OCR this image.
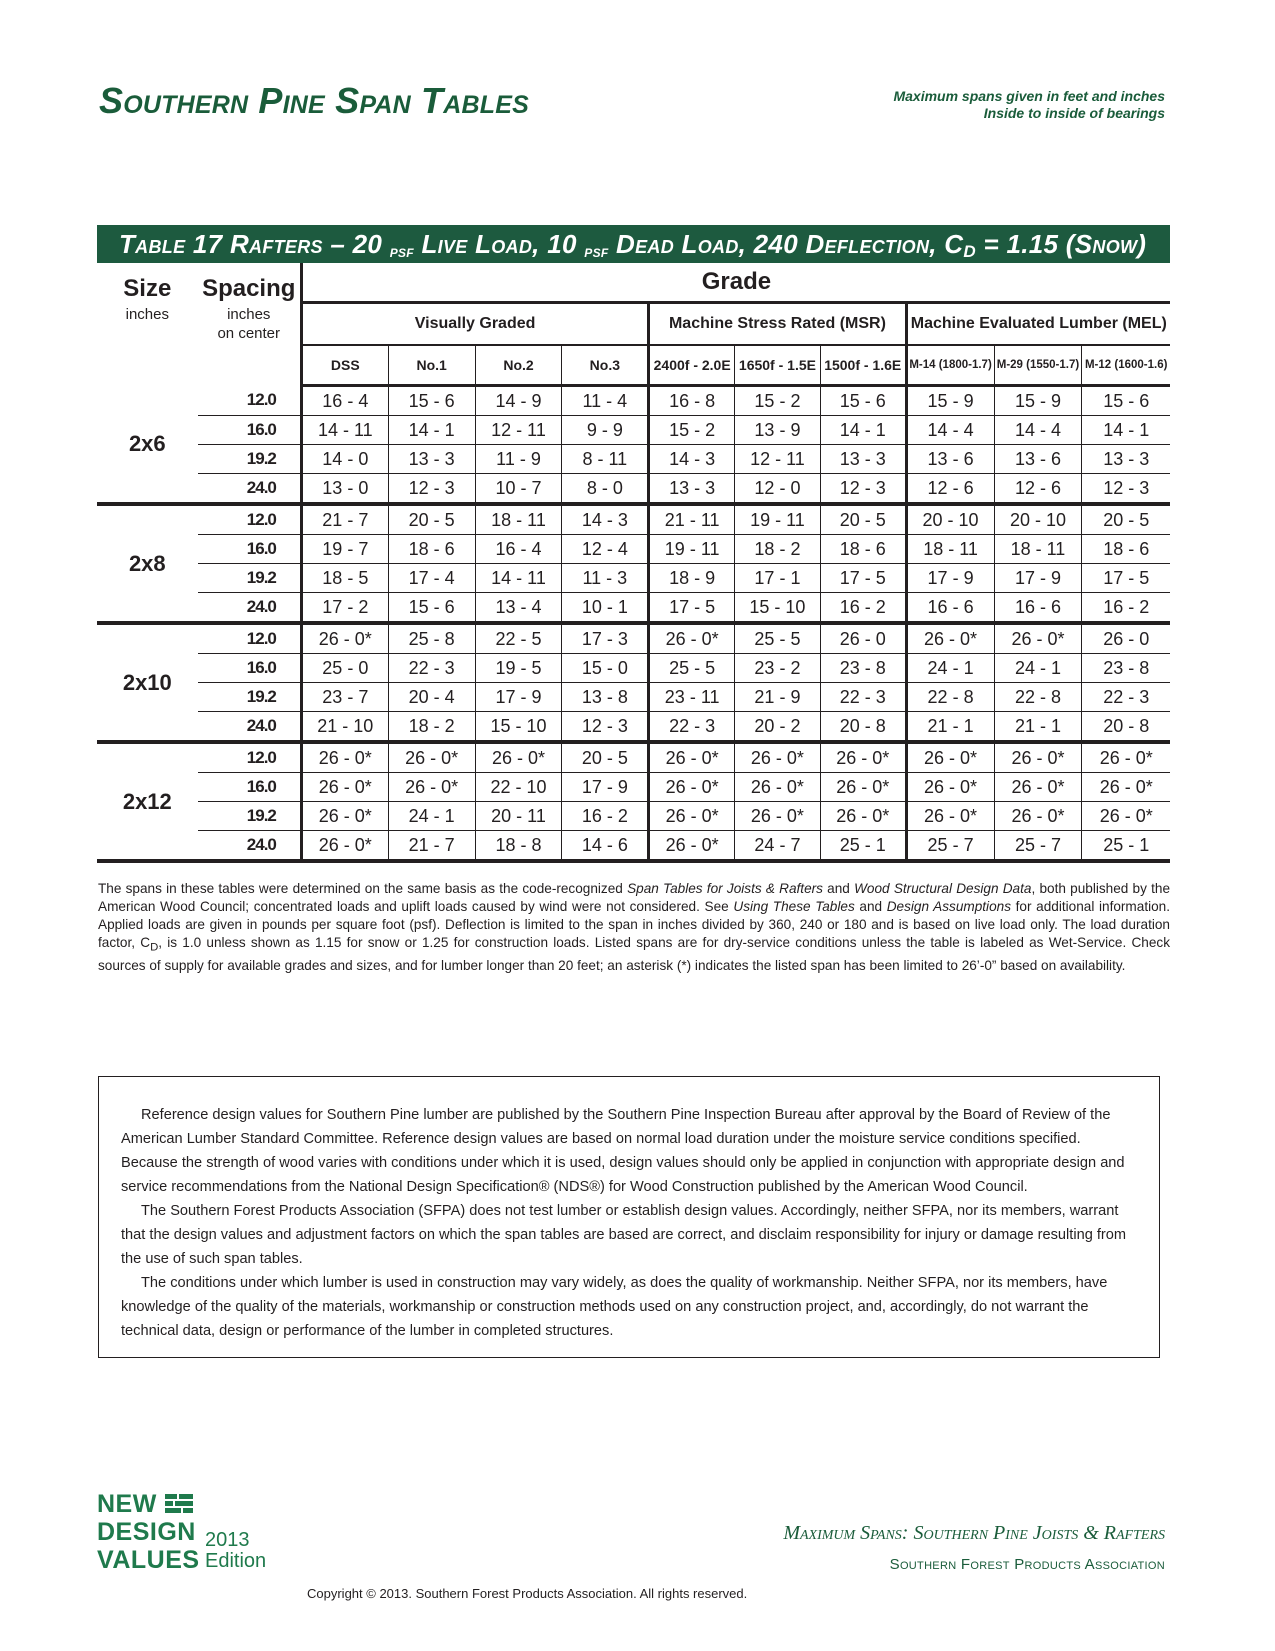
Southern Pine Span Tables	Maximum spans given in feet and inches
Inside to inside of bearings
Table 17 Rafters – 20 $_{psf}$ Live Load, 10 $_{psf}$ Dead Load, 240 Deflection, $C_D = 1.15$ (Snow)
Size	Spacing	Grade									
inches	inches
on center	Visually Graded				Machine Stress Rated (MSR)			Machine Evaluated Lumber (MEL)		
		DSS	No.1	No.2	No.3	2400f - 2.0E	1650f - 1.5E	1500f - 1.6E	M-14 (1800-1.7)	M-29 (1550-1.7)	M-12 (1600-1.6)
2x6	12.0	16 - 4	15 - 6	14 - 9	11 - 4	16 - 8	15 - 2	15 - 6	15 - 9	15 - 9	15 - 6
	16.0	14 - 11	14 - 1	12 - 11	9 - 9	15 - 2	13 - 9	14 - 1	14 - 4	14 - 4	14 - 1
	19.2	14 - 0	13 - 3	11 - 9	8 - 11	14 - 3	12 - 11	13 - 3	13 - 6	13 - 6	13 - 3
	24.0	13 - 0	12 - 3	10 - 7	8 - 0	13 - 3	12 - 0	12 - 3	12 - 6	12 - 6	12 - 3
2x8	12.0	21 - 7	20 - 5	18 - 11	14 - 3	21 - 11	19 - 11	20 - 5	20 - 10	20 - 10	20 - 5
	16.0	19 - 7	18 - 6	16 - 4	12 - 4	19 - 11	18 - 2	18 - 6	18 - 11	18 - 11	18 - 6
	19.2	18 - 5	17 - 4	14 - 11	11 - 3	18 - 9	17 - 1	17 - 5	17 - 9	17 - 9	17 - 5
	24.0	17 - 2	15 - 6	13 - 4	10 - 1	17 - 5	15 - 10	16 - 2	16 - 6	16 - 6	16 - 2
2x10	12.0	26 - 0*	25 - 8	22 - 5	17 - 3	26 - 0*	25 - 5	26 - 0	26 - 0*	26 - 0*	26 - 0
	16.0	25 - 0	22 - 3	19 - 5	15 - 0	25 - 5	23 - 2	23 - 8	24 - 1	24 - 1	23 - 8
	19.2	23 - 7	20 - 4	17 - 9	13 - 8	23 - 11	21 - 9	22 - 3	22 - 8	22 - 8	22 - 3
	24.0	21 - 10	18 - 2	15 - 10	12 - 3	22 - 3	20 - 2	20 - 8	21 - 1	21 - 1	20 - 8
2x12	12.0	26 - 0*	26 - 0*	26 - 0*	20 - 5	26 - 0*	26 - 0*	26 - 0*	26 - 0*	26 - 0*	26 - 0*
	16.0	26 - 0*	26 - 0*	22 - 10	17 - 9	26 - 0*	26 - 0*	26 - 0*	26 - 0*	26 - 0*	26 - 0*
	19.2	26 - 0*	24 - 1	20 - 11	16 - 2	26 - 0*	26 - 0*	26 - 0*	26 - 0*	26 - 0*	26 - 0*
	24.0	26 - 0*	21 - 7	18 - 8	14 - 6	26 - 0*	24 - 7	25 - 1	25 - 7	25 - 7	25 - 1

The spans in these tables were determined on the same basis as the code-recognized Span Tables for Joists & Rafters and Wood Structural Design Data, both published by the American Wood Council; concentrated loads and uplift loads caused by wind were not considered. See Using These Tables and Design Assumptions for additional information. Applied loads are given in pounds per square foot (psf). Deflection is limited to the span in inches divided by 360, 240 or 180 and is based on live load only. The load duration factor, $C_D$, is 1.0 unless shown as 1.15 for snow or 1.25 for construction loads. Listed spans are for dry-service conditions unless the table is labeled as Wet-Service. Check sources of supply for available grades and sizes, and for lumber longer than 20 feet; an asterisk (*) indicates the listed span has been limited to 26’-0” based on availability.

Reference design values for Southern Pine lumber are published by the Southern Pine Inspection Bureau after approval by the Board of Review of the American Lumber Standard Committee. Reference design values are based on normal load duration under the moisture service conditions specified. Because the strength of wood varies with conditions under which it is used, design values should only be applied in conjunction with appropriate design and service recommendations from the National Design Specification® (NDS®) for Wood Construction published by the American Wood Council.

The Southern Forest Products Association (SFPA) does not test lumber or establish design values. Accordingly, neither SFPA, nor its members, warrant that the design values and adjustment factors on which the span tables are based are correct, and disclaim responsibility for injury or damage resulting from the use of such span tables.

The conditions under which lumber is used in construction may vary widely, as does the quality of workmanship. Neither SFPA, nor its members, have knowledge of the quality of the materials, workmanship or construction methods used on any construction project, and, accordingly, do not warrant the technical data, design or performance of the lumber in completed structures.

NEW
DESIGN
VALUES
2013
Edition
Maximum Spans: Southern Pine Joists & Rafters
Southern Forest Products Association
Copyright © 2013. Southern Forest Products Association. All rights reserved.
